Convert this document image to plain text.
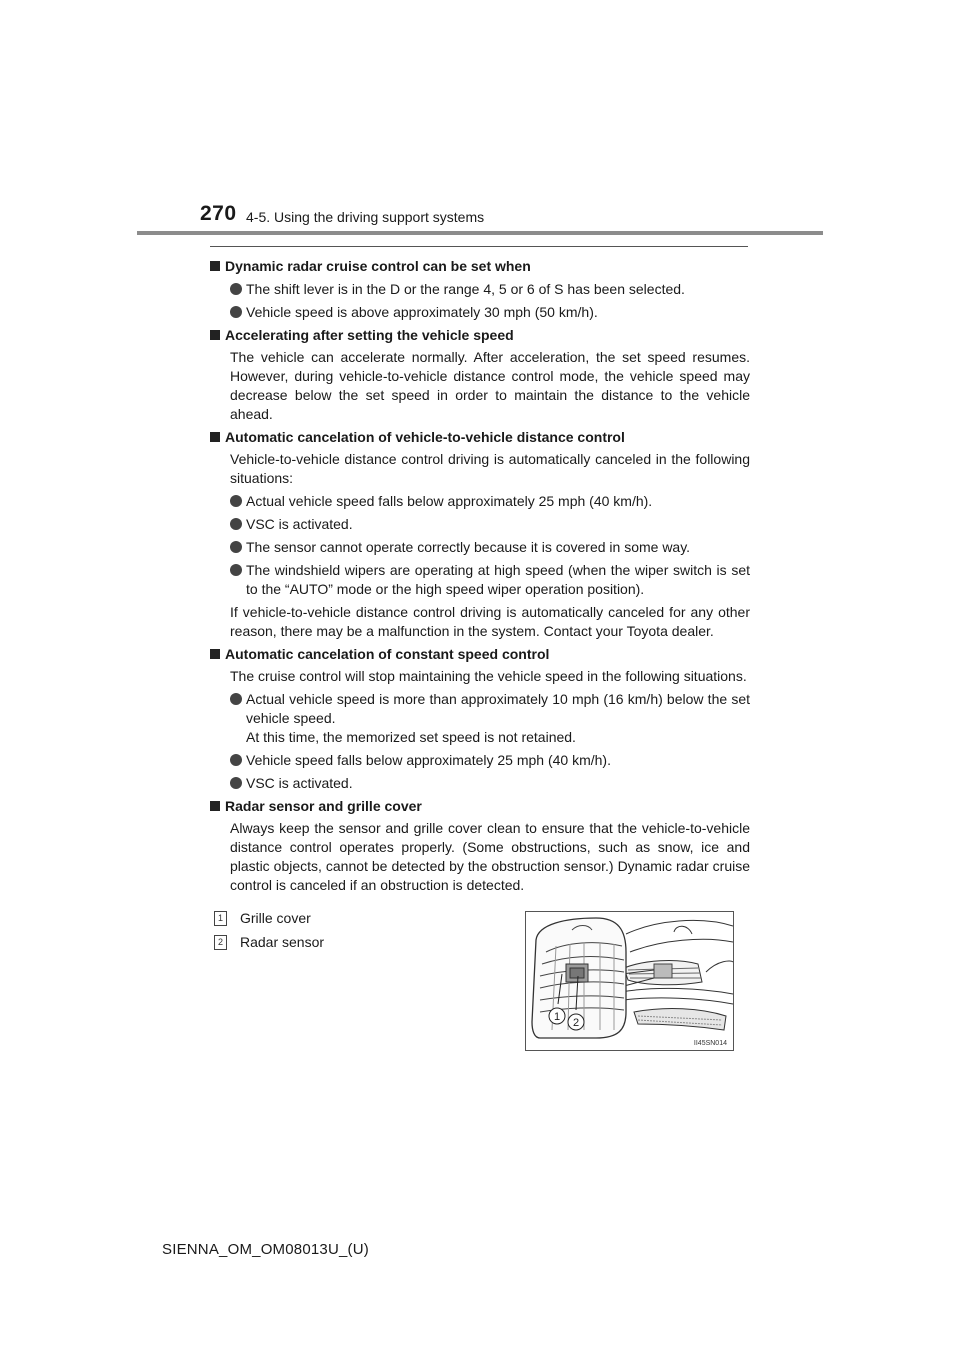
270 4-5. Using the driving support systems
Dynamic radar cruise control can be set when
The shift lever is in the D or the range 4, 5 or 6 of S has been selected.
Vehicle speed is above approximately 30 mph (50 km/h).
Accelerating after setting the vehicle speed
The vehicle can accelerate normally. After acceleration, the set speed resumes. However, during vehicle-to-vehicle distance control mode, the vehicle speed may decrease below the set speed in order to maintain the distance to the vehicle ahead.
Automatic cancelation of vehicle-to-vehicle distance control
Vehicle-to-vehicle distance control driving is automatically canceled in the following situations:
Actual vehicle speed falls below approximately 25 mph (40 km/h).
VSC is activated.
The sensor cannot operate correctly because it is covered in some way.
The windshield wipers are operating at high speed (when the wiper switch is set to the “AUTO” mode or the high speed wiper operation position).
If vehicle-to-vehicle distance control driving is automatically canceled for any other reason, there may be a malfunction in the system. Contact your Toyota dealer.
Automatic cancelation of constant speed control
The cruise control will stop maintaining the vehicle speed in the following situations.
Actual vehicle speed is more than approximately 10 mph (16 km/h) below the set vehicle speed.
At this time, the memorized set speed is not retained.
Vehicle speed falls below approximately 25 mph (40 km/h).
VSC is activated.
Radar sensor and grille cover
Always keep the sensor and grille cover clean to ensure that the vehicle-to-vehicle distance control operates properly. (Some obstructions, such as snow, ice and plastic objects, cannot be detected by the obstruction sensor.) Dynamic radar cruise control is canceled if an obstruction is detected.
1 Grille cover
2 Radar sensor
1 2
II45SN014
SIENNA_OM_OM08013U_(U)
